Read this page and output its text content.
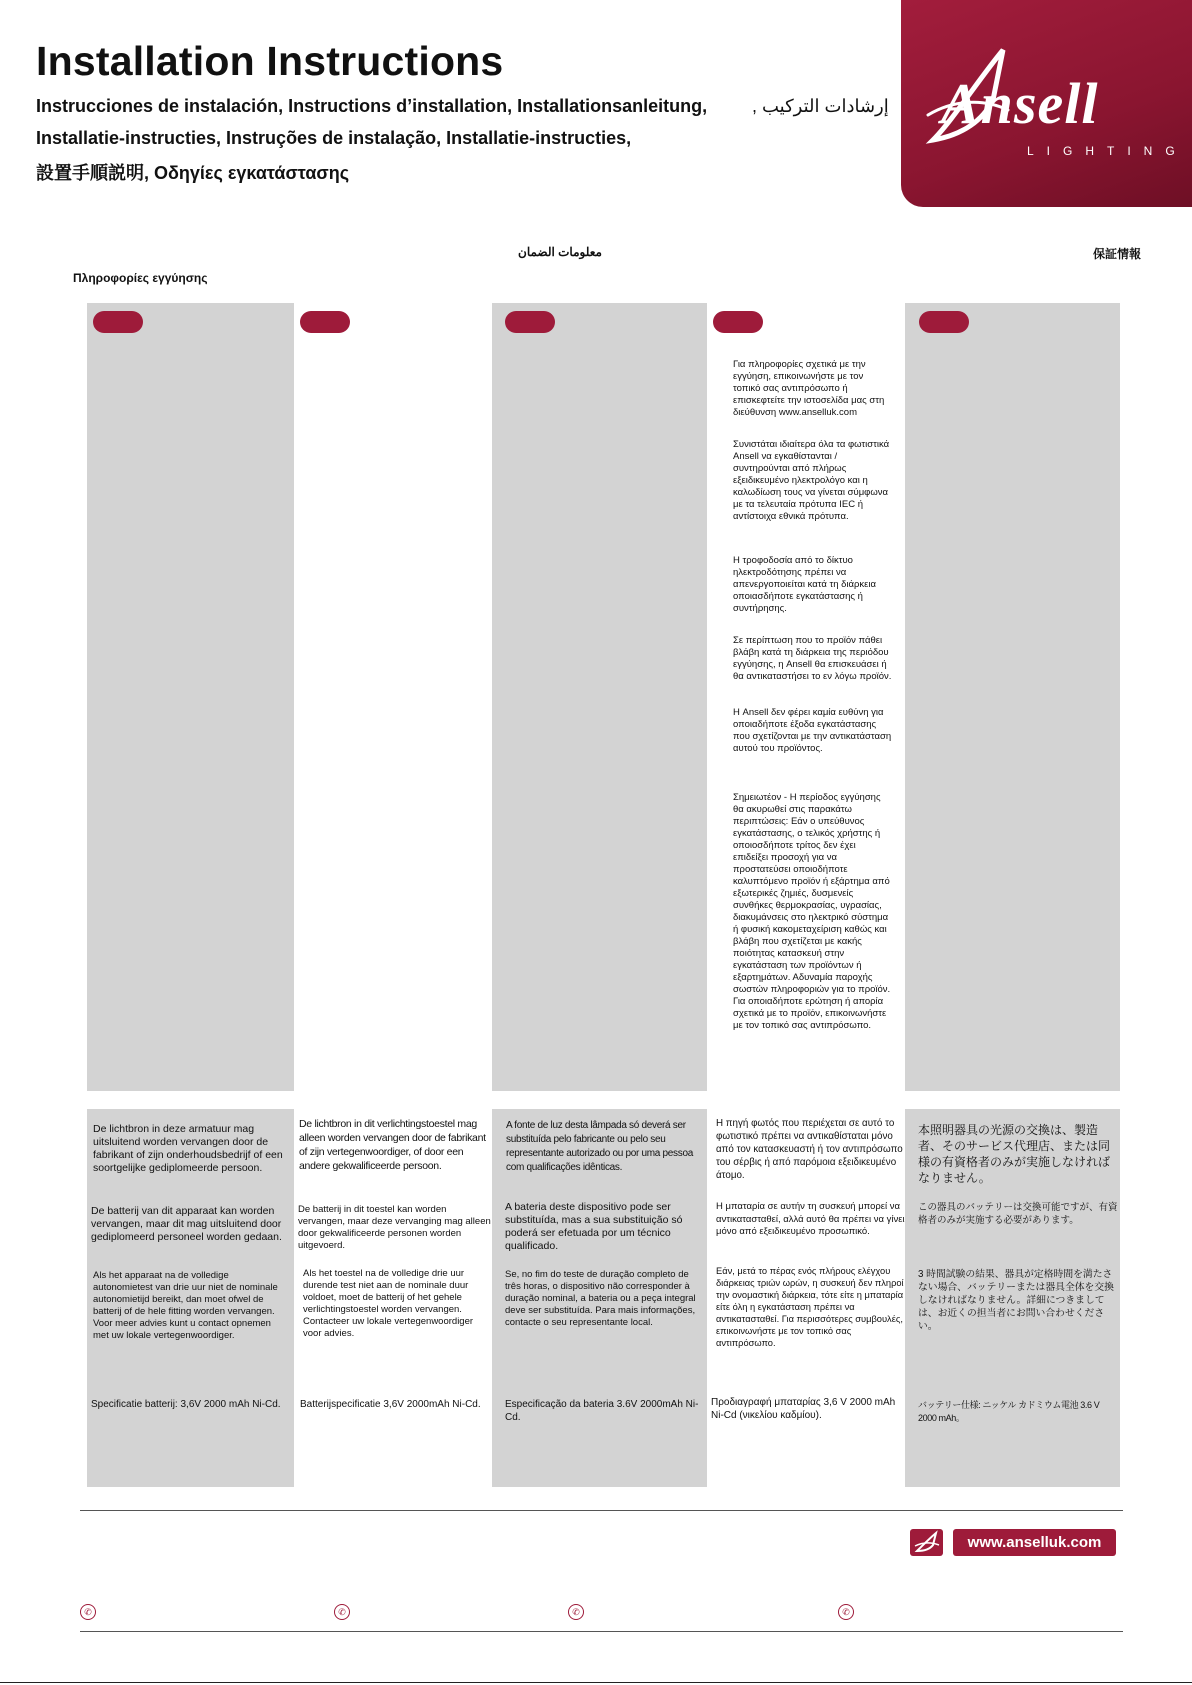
Installation Instructions
Instrucciones de instalación, Instructions d’installation, Installationsanleitung, إرشادات التركيب ,
Installatie-instructies, Instruções de instalação, Installatie-instructies,
設置手順説明, Οδηγίες εγκατάστασης
Ansell
LIGHTING
معلومات الضمان	保証情報
Πληροφορίες εγγύησης
Για πληροφορίες σχετικά με την εγγύηση, επικοινωνήστε με τον τοπικό σας αντιπρόσωπο ή επισκεφτείτε την ιστοσελίδα μας στη διεύθυνση www.anselluk.com
Συνιστάται ιδιαίτερα όλα τα φωτιστικά Ansell να εγκαθίστανται / συντηρούνται από πλήρως εξειδικευμένο ηλεκτρολόγο και η καλωδίωση τους να γίνεται σύμφωνα με τα τελευταία πρότυπα IEC ή αντίστοιχα εθνικά πρότυπα.
Η τροφοδοσία από το δίκτυο ηλεκτροδότησης πρέπει να απενεργοποιείται κατά τη διάρκεια οποιασδήποτε εγκατάστασης ή συντήρησης.
Σε περίπτωση που το προϊόν πάθει βλάβη κατά τη διάρκεια της περιόδου εγγύησης, η Ansell θα επισκευάσει ή θα αντικαταστήσει το εν λόγω προϊόν.
Η Ansell δεν φέρει καμία ευθύνη για οποιαδήποτε έξοδα εγκατάστασης που σχετίζονται με την αντικατάσταση αυτού του προϊόντος.
Σημειωτέον - Η περίοδος εγγύησης θα ακυρωθεί στις παρακάτω περιπτώσεις: Εάν ο υπεύθυνος εγκατάστασης, ο τελικός χρήστης ή οποιοσδήποτε τρίτος δεν έχει επιδείξει προσοχή για να προστατεύσει οποιοδήποτε καλυπτόμενο προϊόν ή εξάρτημα από εξωτερικές ζημιές, δυσμενείς συνθήκες θερμοκρασίας, υγρασίας, διακυμάνσεις στο ηλεκτρικό σύστημα ή φυσική κακομεταχείριση καθώς και βλάβη που σχετίζεται με κακής ποιότητας κατασκευή στην εγκατάσταση των προϊόντων ή εξαρτημάτων. Αδυναμία παροχής σωστών πληροφοριών για το προϊόν. Για οποιαδήποτε ερώτηση ή απορία σχετικά με το προϊόν, επικοινωνήστε με τον τοπικό σας αντιπρόσωπο.
De lichtbron in deze armatuur mag uitsluitend worden vervangen door de fabrikant of zijn onderhoudsbedrijf of een soortgelijke gediplomeerde persoon.
De batterij van dit apparaat kan worden vervangen, maar dit mag uitsluitend door gediplomeerd personeel worden gedaan.
Als het apparaat na de volledige autonomietest van drie uur niet de nominale autonomietijd bereikt, dan moet ofwel de batterij of de hele fitting worden vervangen. Voor meer advies kunt u contact opnemen met uw lokale vertegenwoordiger.
Specificatie batterij: 3,6V 2000 mAh Ni-Cd.
De lichtbron in dit verlichtingstoestel mag alleen worden vervangen door de fabrikant of zijn vertegenwoordiger, of door een andere gekwalificeerde persoon.
De batterij in dit toestel kan worden vervangen, maar deze vervanging mag alleen door gekwalificeerde personen worden uitgevoerd.
Als het toestel na de volledige drie uur durende test niet aan de nominale duur voldoet, moet de batterij of het gehele verlichtingstoestel worden vervangen. Contacteer uw lokale vertegenwoordiger voor advies.
Batterijspecificatie 3,6V 2000mAh Ni-Cd.
A fonte de luz desta lâmpada só deverá ser substituída pelo fabricante ou pelo seu representante autorizado ou por uma pessoa com qualificações idênticas.
A bateria deste dispositivo pode ser substituída, mas a sua substituição só poderá ser efetuada por um técnico qualificado.
Se, no fim do teste de duração completo de três horas, o dispositivo não corresponder à duração nominal, a bateria ou a peça integral deve ser substituída. Para mais informações, contacte o seu representante local.
Especificação da bateria 3.6V 2000mAh Ni-Cd.
Η πηγή φωτός που περιέχεται σε αυτό το φωτιστικό πρέπει να αντικαθίσταται μόνο από τον κατασκευαστή ή τον αντιπρόσωπο του σέρβις ή από παρόμοια εξειδικευμένο άτομο.
Η μπαταρία σε αυτήν τη συσκευή μπορεί να αντικατασταθεί, αλλά αυτό θα πρέπει να γίνει μόνο από εξειδικευμένο προσωπικό.
Εάν, μετά το πέρας ενός πλήρους ελέγχου διάρκειας τριών ωρών, η συσκευή δεν πληροί την ονομαστική διάρκεια, τότε είτε η μπαταρία είτε όλη η εγκατάσταση πρέπει να αντικατασταθεί. Για περισσότερες συμβουλές, επικοινωνήστε με τον τοπικό σας αντιπρόσωπο.
Προδιαγραφή μπαταρίας 3,6 V 2000 mAh Ni-Cd (νικελίου καδμίου).
本照明器具の光源の交換は、製造者、そのサービス代理店、または同様の有資格者のみが実施しなければなりません。
この器具のバッテリーは交換可能ですが、有資格者のみが実施する必要があります。
3 時間試験の結果、器具が定格時間を満たさない場合、バッテリーまたは器具全体を交換しなければなりません。詳細につきましては、お近くの担当者にお問い合わせください。
バッテリー仕様: ニッケル カドミウム電池 3.6 V 2000 mAh。
www.anselluk.com
✆	✆	✆	✆
